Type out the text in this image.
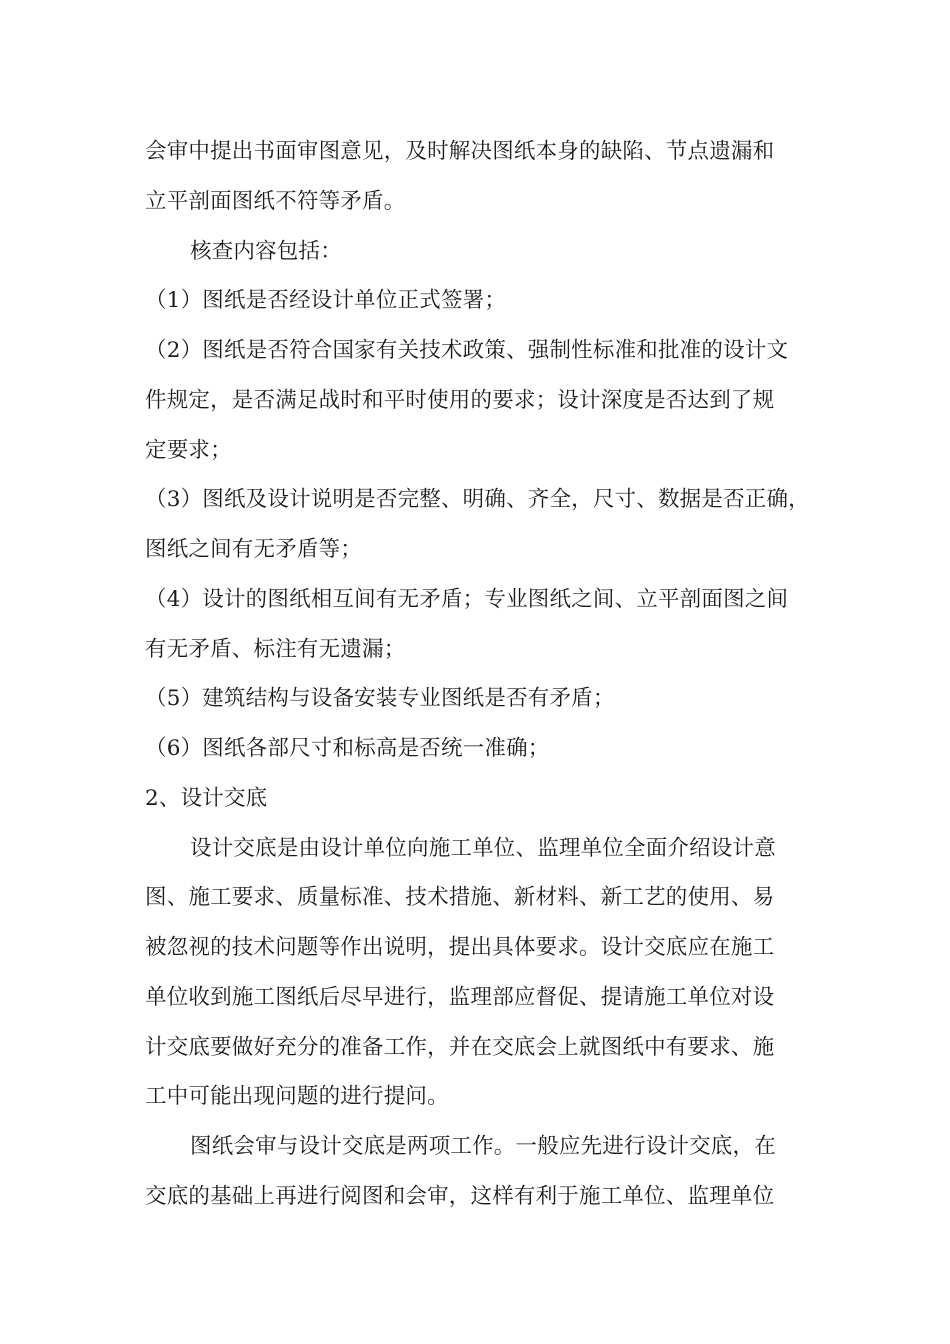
会审中提出书面审图意见，及时解决图纸本身的缺陷、节点遗漏和
立平剖面图纸不符等矛盾。
核查内容包括：
（1）图纸是否经设计单位正式签署；
（2）图纸是否符合国家有关技术政策、强制性标准和批准的设计文
件规定，是否满足战时和平时使用的要求；设计深度是否达到了规
定要求；
（3）图纸及设计说明是否完整、明确、齐全，尺寸、数据是否正确，
图纸之间有无矛盾等；
（4）设计的图纸相互间有无矛盾；专业图纸之间、立平剖面图之间
有无矛盾、标注有无遗漏；
（5）建筑结构与设备安装专业图纸是否有矛盾；
（6）图纸各部尺寸和标高是否统一准确；
2、设计交底
设计交底是由设计单位向施工单位、监理单位全面介绍设计意
图、施工要求、质量标准、技术措施、新材料、新工艺的使用、易
被忽视的技术问题等作出说明，提出具体要求。设计交底应在施工
单位收到施工图纸后尽早进行，监理部应督促、提请施工单位对设
计交底要做好充分的准备工作，并在交底会上就图纸中有要求、施
工中可能出现问题的进行提问。
图纸会审与设计交底是两项工作。一般应先进行设计交底，在
交底的基础上再进行阅图和会审，这样有利于施工单位、监理单位
